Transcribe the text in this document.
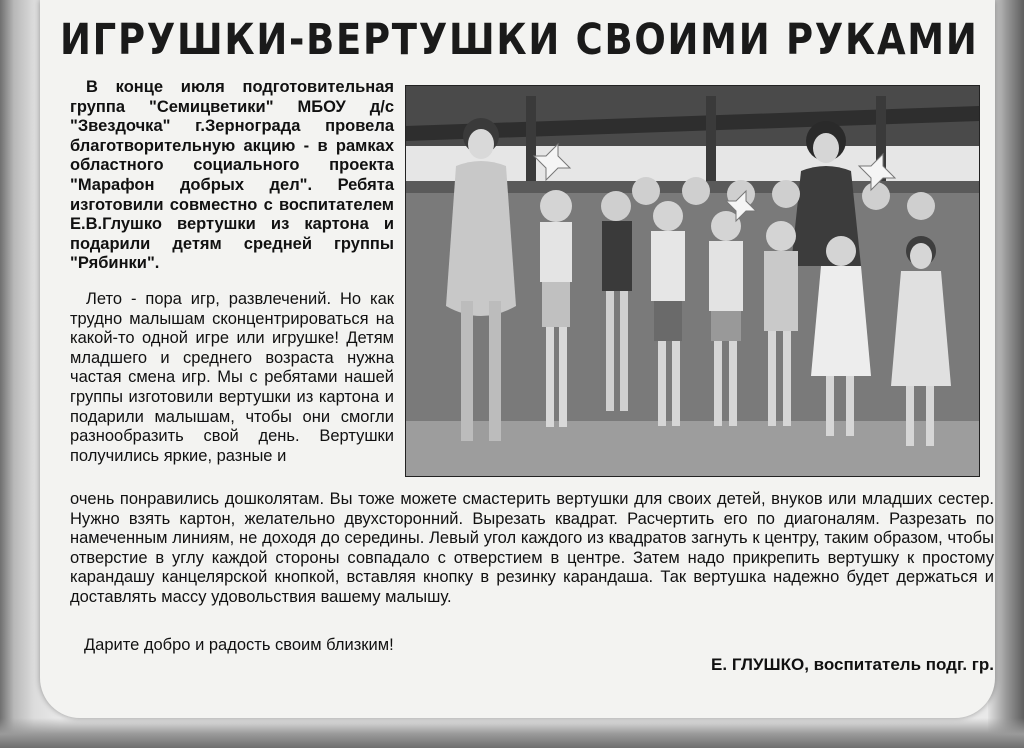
ИГРУШКИ-ВЕРТУШКИ СВОИМИ РУКАМИ

В конце июля подготовительная группа "Семицветики" МБОУ д/с "Звездочка" г.Зернограда провела благотворительную акцию - в рамках областного социального проекта "Марафон добрых дел". Ребята изготовили совместно с воспитателем Е.В.Глушко вертушки из картона и подарили детям средней группы "Рябинки".

Лето - пора игр, развлечений. Но как трудно малышам сконцентрироваться на какой-то одной игре или игрушке! Детям младшего и среднего возраста нужна частая смена игр. Мы с ребятами нашей группы изготовили вертушки из картона и подарили малышам, чтобы они смогли разнообразить свой день. Вертушки получились яркие, разные и

очень понравились дошколятам. Вы тоже можете смастерить вертушки для своих детей, внуков или младших сестер. Нужно взять картон, желательно двухсторонний. Вырезать квадрат. Расчертить его по диагоналям. Разрезать по намеченным линиям, не доходя до середины. Левый угол каждого из квадратов загнуть к центру, таким образом, чтобы отверстие в углу каждой стороны совпадало с отверстием в центре. Затем надо прикрепить вертушку к простому карандашу канцелярской кнопкой, вставляя кнопку в резинку карандаша. Так вертушка надежно будет держаться и доставлять массу удовольствия вашему малышу.

Дарите добро и радость своим близким!

Е. ГЛУШКО, воспитатель подг. гр.
